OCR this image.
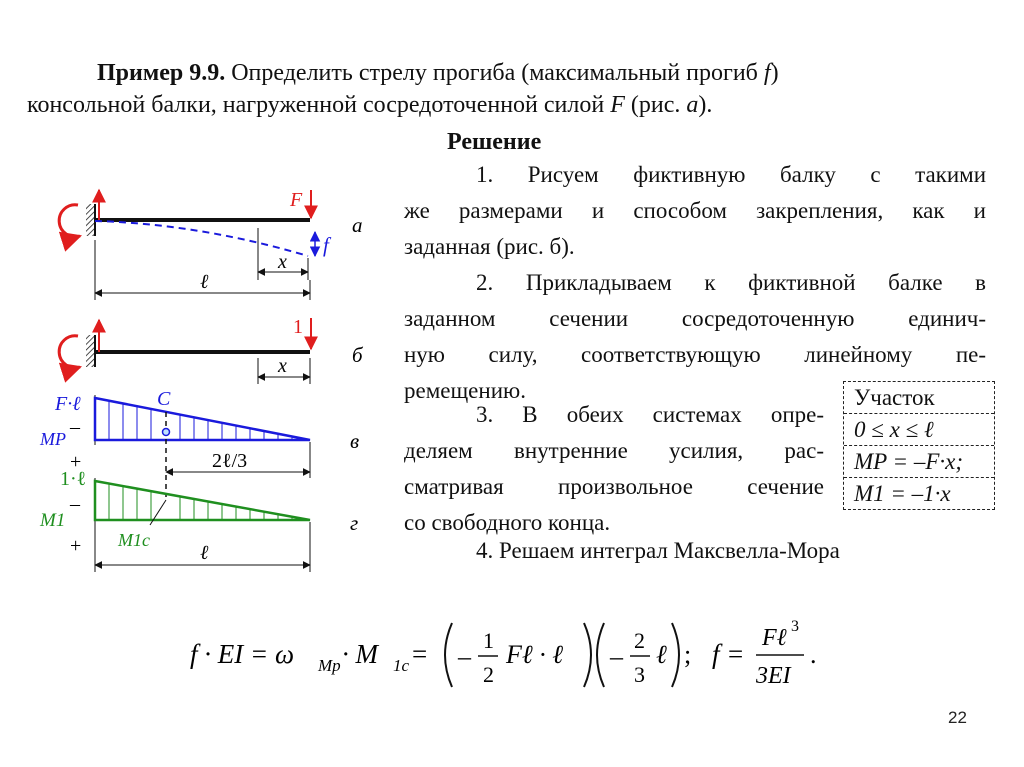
Пример 9.9. Определить стрелу прогиба (максимальный прогиб f)
консольной балки, нагруженной сосредоточенной силой F (рис. а).
Решение
1. Рисуем фиктивную балку с такими
же размерами и способом закрепления, как и
заданная (рис. б).
2. Прикладываем к фиктивной балке в
заданном сечении сосредоточенную единич-
ную силу, соответствующую линейному пе-
ремещению.
3. В обеих системах опре-
деляем внутренние усилия, рас-
сматривая произвольное сечение
со свободного конца.
4. Решаем интеграл Максвелла-Мора
Участок
0 ≤ x ≤ ℓ
MP = –F·x;
M1 = –1·x
F
f
x
ℓ
а
1
x	б
C
F·ℓ
–
MP
+
в
2ℓ/3
1·ℓ
–
M1
+ M1c
г
ℓ
f · EI = ω Mp · M 1c = –
1
2
Fℓ · ℓ –
2
3
ℓ ; f =
Fℓ 3
3EI
.
22
